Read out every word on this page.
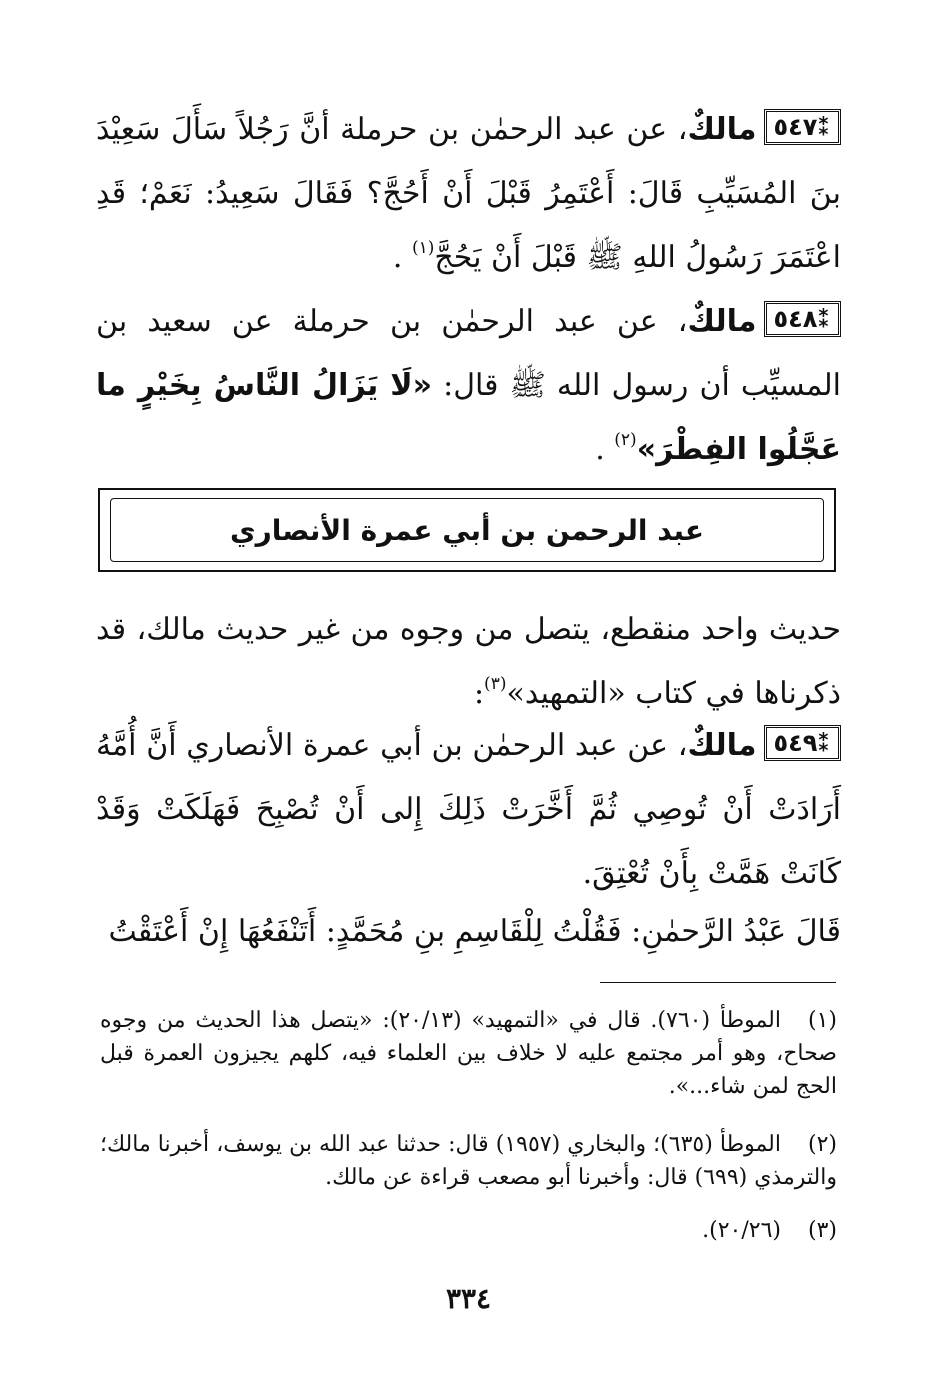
⁑٥٤٧مالكٌ، عن عبد الرحمٰن بن حرملة أنَّ رَجُلاً سَأَلَ سَعِيْدَ بنَ المُسَيِّبِ قَالَ: أَعْتَمِرُ قَبْلَ أَنْ أَحُجَّ؟ فَقَالَ سَعِيدُ: نَعَمْ؛ قَدِ اعْتَمَرَ رَسُولُ اللهِ ﷺ قَبْلَ أَنْ يَحُجَّ$^{(١)}$ .
⁑٥٤٨مالكٌ، عن عبد الرحمٰن بن حرملة عن سعيد بن المسيِّب أن رسول الله ﷺ قال: «لَا يَزَالُ النَّاسُ بِخَيْرٍ ما عَجَّلُوا الفِطْرَ»$^{(٢)}$ .
عبد الرحمن بن أبي عمرة الأنصاري
حديث واحد منقطع، يتصل من وجوه من غير حديث مالك، قد ذكرناها في كتاب «التمهيد»$^{(٣)}$:
⁑٥٤٩مالكٌ، عن عبد الرحمٰن بن أبي عمرة الأنصاري أَنَّ أُمَّهُ أَرَادَتْ أَنْ تُوصِي ثُمَّ أَخَّرَتْ ذَلِكَ إِلى أَنْ تُصْبِحَ فَهَلَكَتْ وَقَدْ كَانَتْ هَمَّتْ بِأَنْ تُعْتِقَ.
قَالَ عَبْدُ الرَّحمٰنِ: فَقُلْتُ لِلْقَاسِمِ بنِ مُحَمَّدٍ: أَتَنْفَعُهَا إِنْ أَعْتَقْتُ
(١)الموطأ (٧٦٠). قال في «التمهيد» (٢٠/١٣): «يتصل هذا الحديث من وجوه صحاح، وهو أمر مجتمع عليه لا خلاف بين العلماء فيه، كلهم يجيزون العمرة قبل الحج لمن شاء...».
(٢)الموطأ (٦٣٥)؛ والبخاري (١٩٥٧) قال: حدثنا عبد الله بن يوسف، أخبرنا مالك؛ والترمذي (٦٩٩) قال: وأخبرنا أبو مصعب قراءة عن مالك.
(٣)(٢٠/٢٦).
٣٣٤
